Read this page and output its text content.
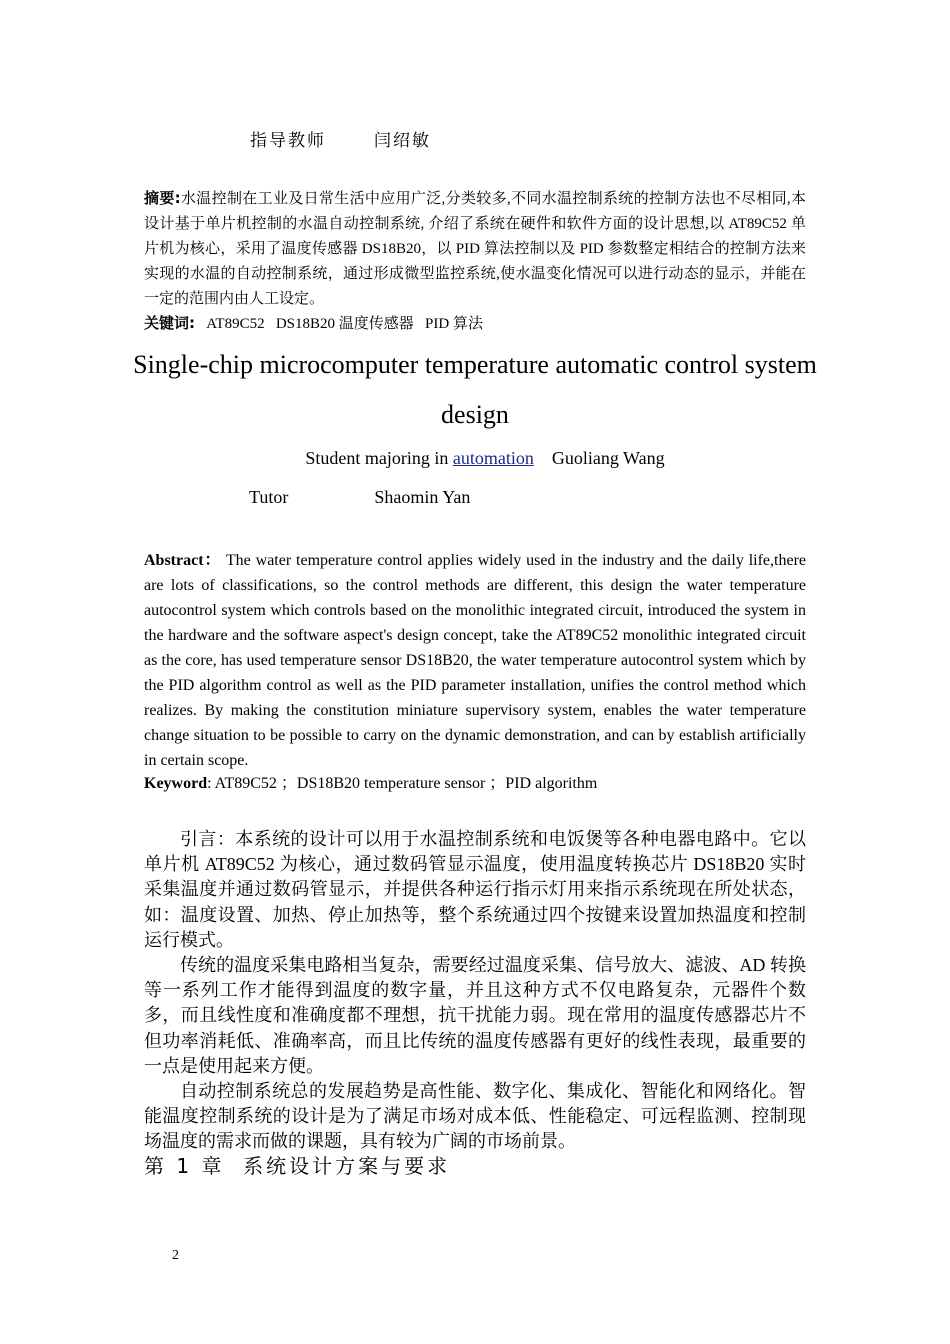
指导教师	闫绍敏
摘要:水温控制在工业及日常生活中应用广泛,分类较多,不同水温控制系统的控制方法也不尽相同,本设计基于单片机控制的水温自动控制系统, 介绍了系统在硬件和软件方面的设计思想,以 AT89C52 单片机为核心，采用了温度传感器 DS18B20，以 PID 算法控制以及 PID 参数整定相结合的控制方法来实现的水温的自动控制系统，通过形成微型监控系统,使水温变化情况可以进行动态的显示，并能在一定的范围内由人工设定。
关键词:   AT89C52   DS18B20 温度传感器   PID 算法
Single-chip microcomputer temperature automatic control system design
Student majoring in automation    Guoliang Wang
Tutor	Shaomin Yan
Abstract： The water temperature control applies widely used in the industry and the daily life,there are lots of classifications, so the control methods are different, this design the water temperature autocontrol system which controls based on the monolithic integrated circuit, introduced the system in the hardware and the software aspect's design concept, take the AT89C52 monolithic integrated circuit as the core, has used temperature sensor DS18B20, the water temperature autocontrol system which by the PID algorithm control as well as the PID parameter installation, unifies the control method which realizes. By making the constitution miniature supervisory system, enables the water temperature change situation to be possible to carry on the dynamic demonstration, and can by establish artificially in certain scope.
Keyword: AT89C52 ；DS18B20 temperature sensor ；PID algorithm

引言：本系统的设计可以用于水温控制系统和电饭煲等各种电器电路中。它以单片机 AT89C52 为核心，通过数码管显示温度，使用温度转换芯片 DS18B20 实时采集温度并通过数码管显示，并提供各种运行指示灯用来指示系统现在所处状态，如：温度设置、加热、停止加热等，整个系统通过四个按键来设置加热温度和控制运行模式。

传统的温度采集电路相当复杂，需要经过温度采集、信号放大、滤波、AD 转换等一系列工作才能得到温度的数字量，并且这种方式不仅电路复杂，元器件个数多，而且线性度和准确度都不理想，抗干扰能力弱。现在常用的温度传感器芯片不但功率消耗低、准确率高，而且比传统的温度传感器有更好的线性表现，最重要的一点是使用起来方便。

自动控制系统总的发展趋势是高性能、数字化、集成化、智能化和网络化。智能温度控制系统的设计是为了满足市场对成本低、性能稳定、可远程监测、控制现场温度的需求而做的课题，具有较为广阔的市场前景。

第 1 章  系统设计方案与要求
2
